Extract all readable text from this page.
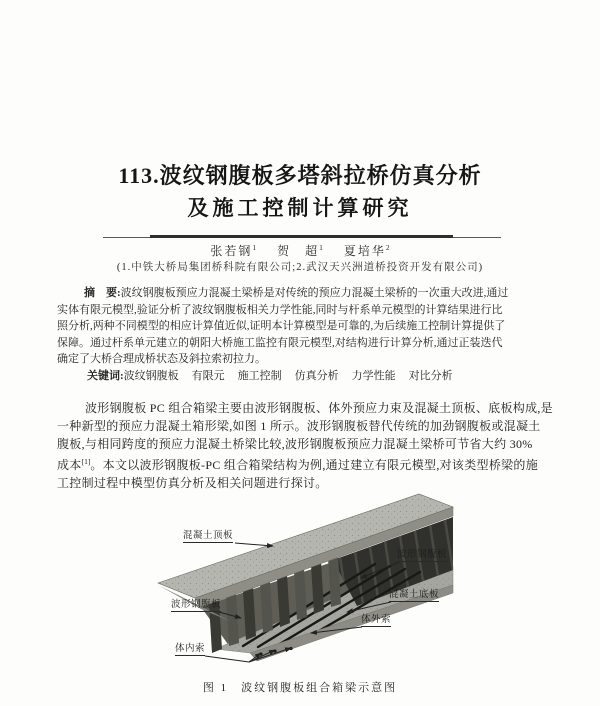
113.波纹钢腹板多塔斜拉桥仿真分析
及施工控制计算研究
张若钢$^1$ 贺　超$^1$ 夏培华$^2$
(1.中铁大桥局集团桥科院有限公司;2.武汉天兴洲道桥投资开发有限公司)
摘　要:波纹钢腹板预应力混凝土梁桥是对传统的预应力混凝土梁桥的一次重大改进,通过
实体有限元模型,验证分析了波纹钢腹板相关力学性能,同时与杆系单元模型的计算结果进行比
照分析,两种不同模型的相应计算值近似,证明本计算模型是可靠的,为后续施工控制计算提供了
保障。通过杆系单元建立的朝阳大桥施工监控有限元模型,对结构进行计算分析,通过正装迭代
确定了大桥合理成桥状态及斜拉索初拉力。
关键词:波纹钢腹板 有限元 施工控制 仿真分析 力学性能 对比分析
波形钢腹板 PC 组合箱梁主要由波形钢腹板、体外预应力束及混凝土顶板、底板构成,是
一种新型的预应力混凝土箱形梁,如图 1 所示。波形钢腹板替代传统的加劲钢腹板或混凝土
腹板,与相同跨度的预应力混凝土桥梁比较,波形钢腹板预应力混凝土梁桥可节省大约 30%
成本[1]。本文以波形钢腹板-PC 组合箱梁结构为例,通过建立有限元模型,对该类型桥梁的施
工控制过程中模型仿真分析及相关问题进行探讨。
混凝土顶板
波形钢腹板
混凝土底板
体外索
波形钢腹板
体内索
图 1　波纹钢腹板组合箱梁示意图
